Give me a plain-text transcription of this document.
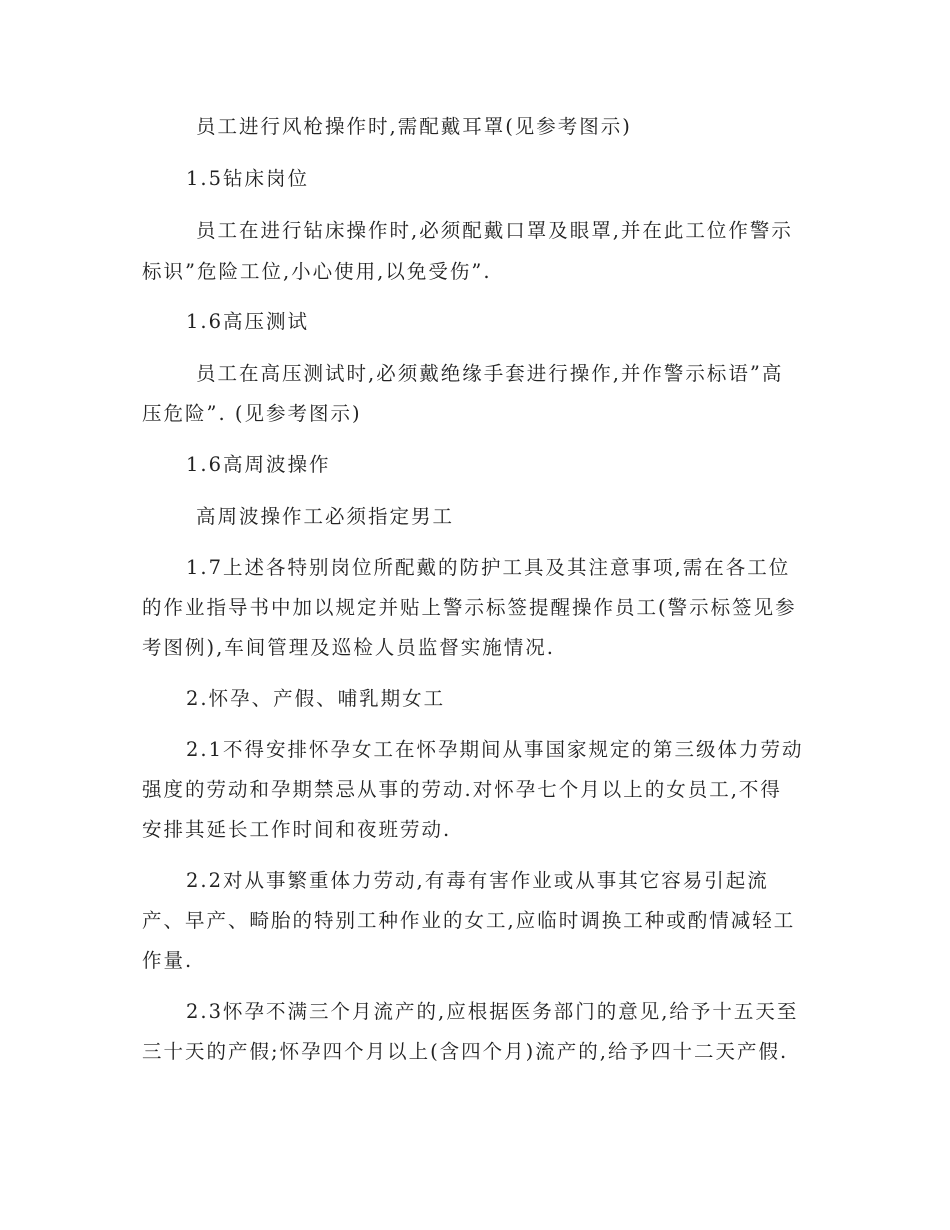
员工进行风枪操作时,需配戴耳罩(见参考图示)
1.5钻床岗位
员工在进行钻床操作时,必须配戴口罩及眼罩,并在此工位作警示
标识”危险工位,小心使用,以免受伤”.
1.6高压测试
员工在高压测试时,必须戴绝缘手套进行操作,并作警示标语”高
压危险”. (见参考图示)
1.6高周波操作
高周波操作工必须指定男工
1.7上述各特别岗位所配戴的防护工具及其注意事项,需在各工位
的作业指导书中加以规定并贴上警示标签提醒操作员工(警示标签见参
考图例),车间管理及巡检人员监督实施情况.
2.怀孕、产假、哺乳期女工
2.1不得安排怀孕女工在怀孕期间从事国家规定的第三级体力劳动
强度的劳动和孕期禁忌从事的劳动.对怀孕七个月以上的女员工,不得
安排其延长工作时间和夜班劳动.
2.2对从事繁重体力劳动,有毒有害作业或从事其它容易引起流
产、早产、畸胎的特别工种作业的女工,应临时调换工种或酌情减轻工
作量.
2.3怀孕不满三个月流产的,应根据医务部门的意见,给予十五天至
三十天的产假;怀孕四个月以上(含四个月)流产的,给予四十二天产假.
